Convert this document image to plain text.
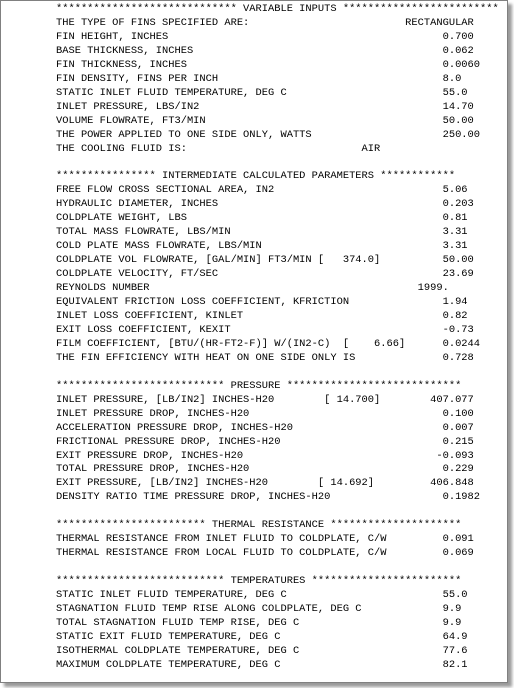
***************************** VARIABLE INPUTS *************************
THE TYPE OF FINS SPECIFIED ARE:                         RECTANGULAR
FIN HEIGHT, INCHES                                            0.700
BASE THICKNESS, INCHES                                        0.062
FIN THICKNESS, INCHES                                         0.0060
FIN DENSITY, FINS PER INCH                                    8.0
STATIC INLET FLUID TEMPERATURE, DEG C                         55.0
INLET PRESSURE, LBS/IN2                                       14.70
VOLUME FLOWRATE, FT3/MIN                                      50.00
THE POWER APPLIED TO ONE SIDE ONLY, WATTS                     250.00
THE COOLING FLUID IS:                            AIR
**************** INTERMEDIATE CALCULATED PARAMETERS ************
FREE FLOW CROSS SECTIONAL AREA, IN2                           5.06
HYDRAULIC DIAMETER, INCHES                                    0.203
COLDPLATE WEIGHT, LBS                                         0.81
TOTAL MASS FLOWRATE, LBS/MIN                                  3.31
COLD PLATE MASS FLOWRATE, LBS/MIN                             3.31
COLDPLATE VOL FLOWRATE, [GAL/MIN] FT3/MIN [   374.0]          50.00
COLDPLATE VELOCITY, FT/SEC                                    23.69
REYNOLDS NUMBER                                           1999.
EQUIVALENT FRICTION LOSS COEFFICIENT, KFRICTION               1.94
INLET LOSS COEFFICIENT, KINLET                                0.82
EXIT LOSS COEFFICIENT, KEXIT                                  -0.73
FILM COEFFICIENT, [BTU/(HR-FT2-F)] W/(IN2-C)  [    6.66]      0.0244
THE FIN EFFICIENCY WITH HEAT ON ONE SIDE ONLY IS              0.728
*************************** PRESSURE ****************************
INLET PRESSURE, [LB/IN2] INCHES-H20        [ 14.700]        407.077
INLET PRESSURE DROP, INCHES-H20                               0.100
ACCELERATION PRESSURE DROP, INCHES-H20                        0.007
FRICTIONAL PRESSURE DROP, INCHES-H20                          0.215
EXIT PRESSURE DROP, INCHES-H20                               -0.093
TOTAL PRESSURE DROP, INCHES-H20                               0.229
EXIT PRESSURE, [LB/IN2] INCHES-H20        [ 14.692]         406.848
DENSITY RATIO TIME PRESSURE DROP, INCHES-H20                  0.1982
************************ THERMAL RESISTANCE *********************
THERMAL RESISTANCE FROM INLET FLUID TO COLDPLATE, C/W         0.091
THERMAL RESISTANCE FROM LOCAL FLUID TO COLDPLATE, C/W         0.069
*************************** TEMPERATURES ************************
STATIC INLET FLUID TEMPERATURE, DEG C                         55.0
STAGNATION FLUID TEMP RISE ALONG COLDPLATE, DEG C             9.9
TOTAL STAGNATION FLUID TEMP RISE, DEG C                       9.9
STATIC EXIT FLUID TEMPERATURE, DEG C                          64.9
ISOTHERMAL COLDPLATE TEMPERATURE, DEG C                       77.6
MAXIMUM COLDPLATE TEMPERATURE, DEG C                          82.1
